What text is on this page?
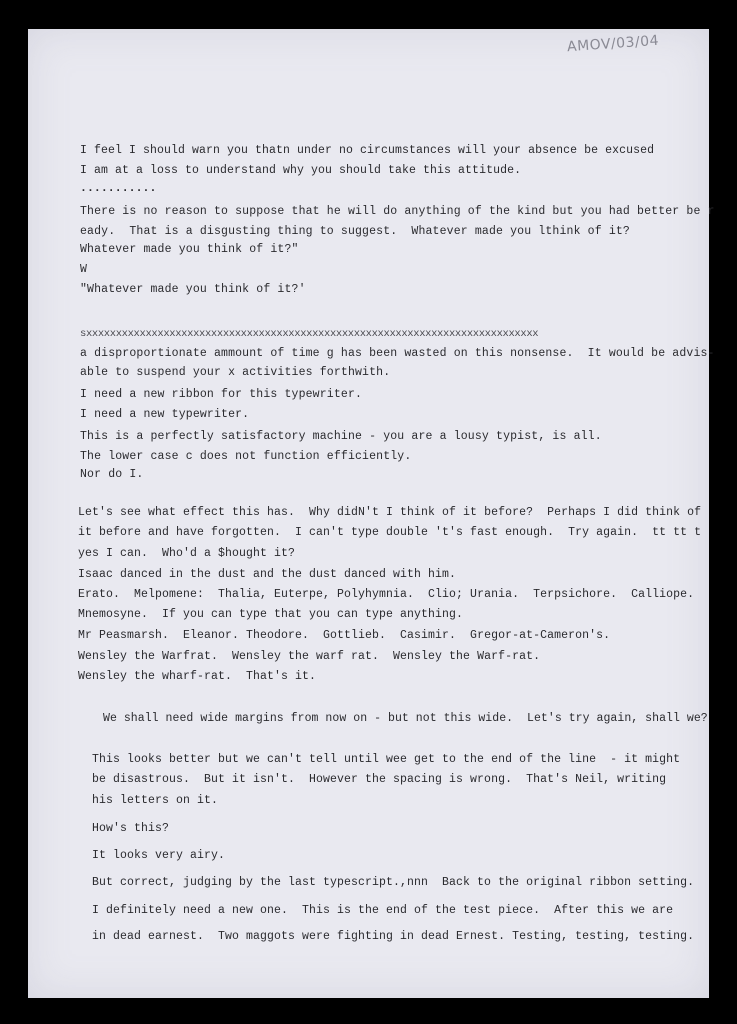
AMOV/03/04
I feel I should warn you thatn under no circumstances will your absence be excused
I am at a loss to understand why you should take this attitude.
...........
There is no reason to suppose that he will do anything of the kind but you had better be r
eady.  That is a disgusting thing to suggest.  Whatever made you lthink of it?
Whatever made you think of it?"
W
"Whatever made you think of it?'
sxxxxxxxxxxxxxxxxxxxxxxxxxxxxxxxxxxxxxxxxxxxxxxxxxxxxxxxxxxxxxxxxxxxxxxxxxxxx
a disproportionate ammount of time g has been wasted on this nonsense.  It would be advis-
able to suspend your x activities forthwith.
I need a new ribbon for this typewriter.
I need a new typewriter.
This is a perfectly satisfactory machine - you are a lousy typist, is all.
The lower case c does not function efficiently.
Nor do I.
Let's see what effect this has.  Why didN't I think of it before?  Perhaps I did think of
it before and have forgotten.  I can't type double 't's fast enough.  Try again.  tt tt t
yes I can.  Who'd a $hought it?
Isaac danced in the dust and the dust danced with him.
Erato.  Melpomene:  Thalia, Euterpe, Polyhymnia.  Clio; Urania.  Terpsichore.  Calliope.
Mnemosyne.  If you can type that you can type anything.
Mr Peasmarsh.  Eleanor. Theodore.  Gottlieb.  Casimir.  Gregor-at-Cameron's.
Wensley the Warfrat.  Wensley the warf rat.  Wensley the Warf-rat.
Wensley the wharf-rat.  That's it.
We shall need wide margins from now on - but not this wide.  Let's try again, shall we?
This looks better but we can't tell until wee get to the end of the line  - it might
be disastrous.  But it isn't.  However the spacing is wrong.  That's Neil, writing
his letters on it.
How's this?
It looks very airy.
But correct, judging by the last typescript.,nnn  Back to the original ribbon setting.
I definitely need a new one.  This is the end of the test piece.  After this we are
in dead earnest.  Two maggots were fighting in dead Ernest. Testing, testing, testing.
